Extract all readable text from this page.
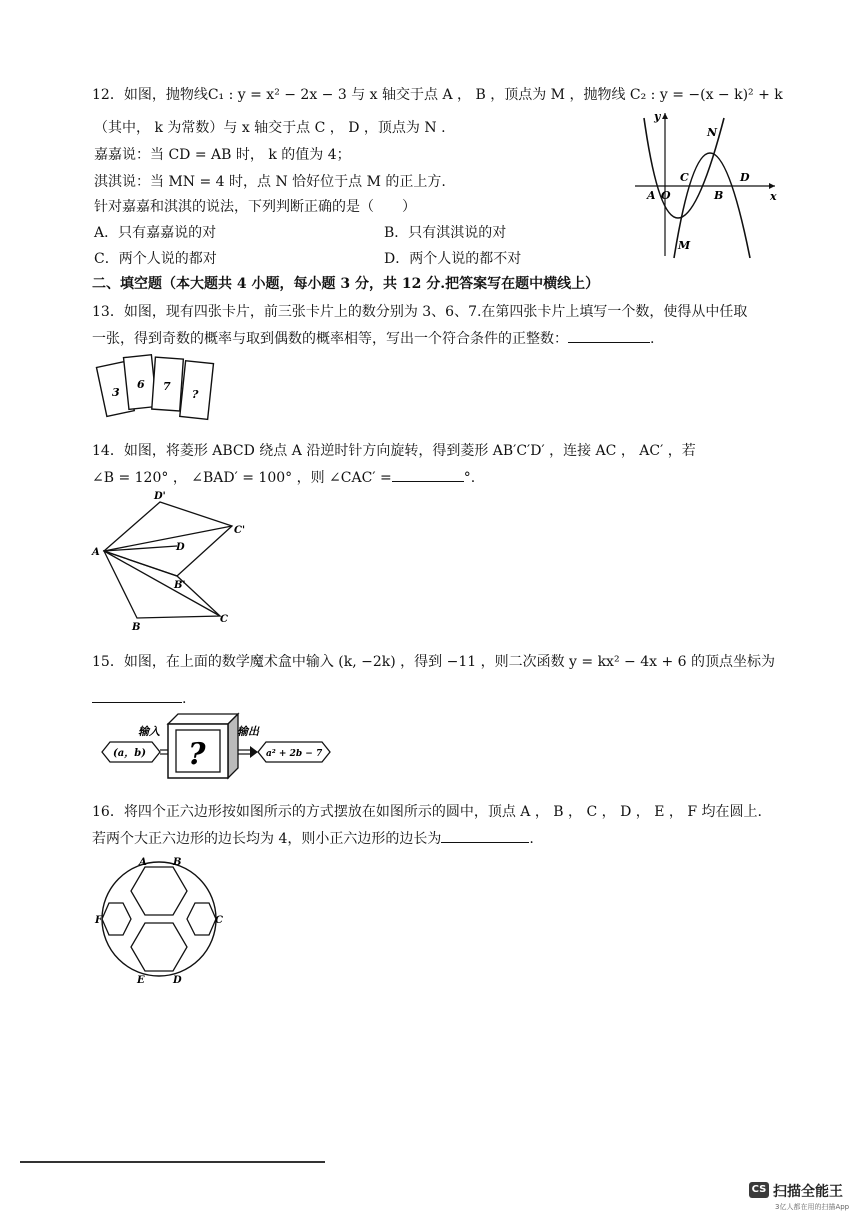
12．如图，抛物线C₁ : y = x² − 2x − 3 与 x 轴交于点 A ， B ，顶点为 M ，抛物线 C₂ : y = −(x − k)² + k
（其中， k 为常数）与 x 轴交于点 C ， D ，顶点为 N .
嘉嘉说：当 CD = AB 时， k 的值为 4；
淇淇说：当 MN = 4 时，点 N 恰好位于点 M 的正上方.
针对嘉嘉和淇淇的说法，下列判断正确的是（　　）
A．只有嘉嘉说的对	B．只有淇淇说的对
C．两个人说的都对	D．两个人说的都不对
y
x
N
C	D
A O	B
M
二、填空题（本大题共 4 小题，每小题 3 分，共 12 分.把答案写在题中横线上）
13．如图，现有四张卡片，前三张卡片上的数分别为 3、6、7.在第四张卡片上填写一个数，使得从中任取
一张，得到奇数的概率与取到偶数的概率相等，写出一个符合条件的正整数：	.
3
6 7
?
14．如图，将菱形 ABCD 绕点 A 沿逆时针方向旋转，得到菱形 AB′C′D′ ，连接 AC ， AC′ ，若
∠B = 120° ， ∠BAD′ = 100° ，则 ∠CAC′ =	°.
D'
C'
A	D
B'
B
C
15．如图，在上面的数学魔术盒中输入 (k, −2k) ，得到 −11 ，则二次函数 y = kx² − 4x + 6 的顶点坐标为
.
(a，b)
输入
?
输出
a² + 2b − 7
16．将四个正六边形按如图所示的方式摆放在如图所示的圆中，顶点 A ， B ， C ， D ， E ， F 均在圆上.
若两个大正六边形的边长均为 4，则小正六边形的边长为	.
A	B
C
D
E
F
CS 扫描全能王
3亿人都在用的扫描App
